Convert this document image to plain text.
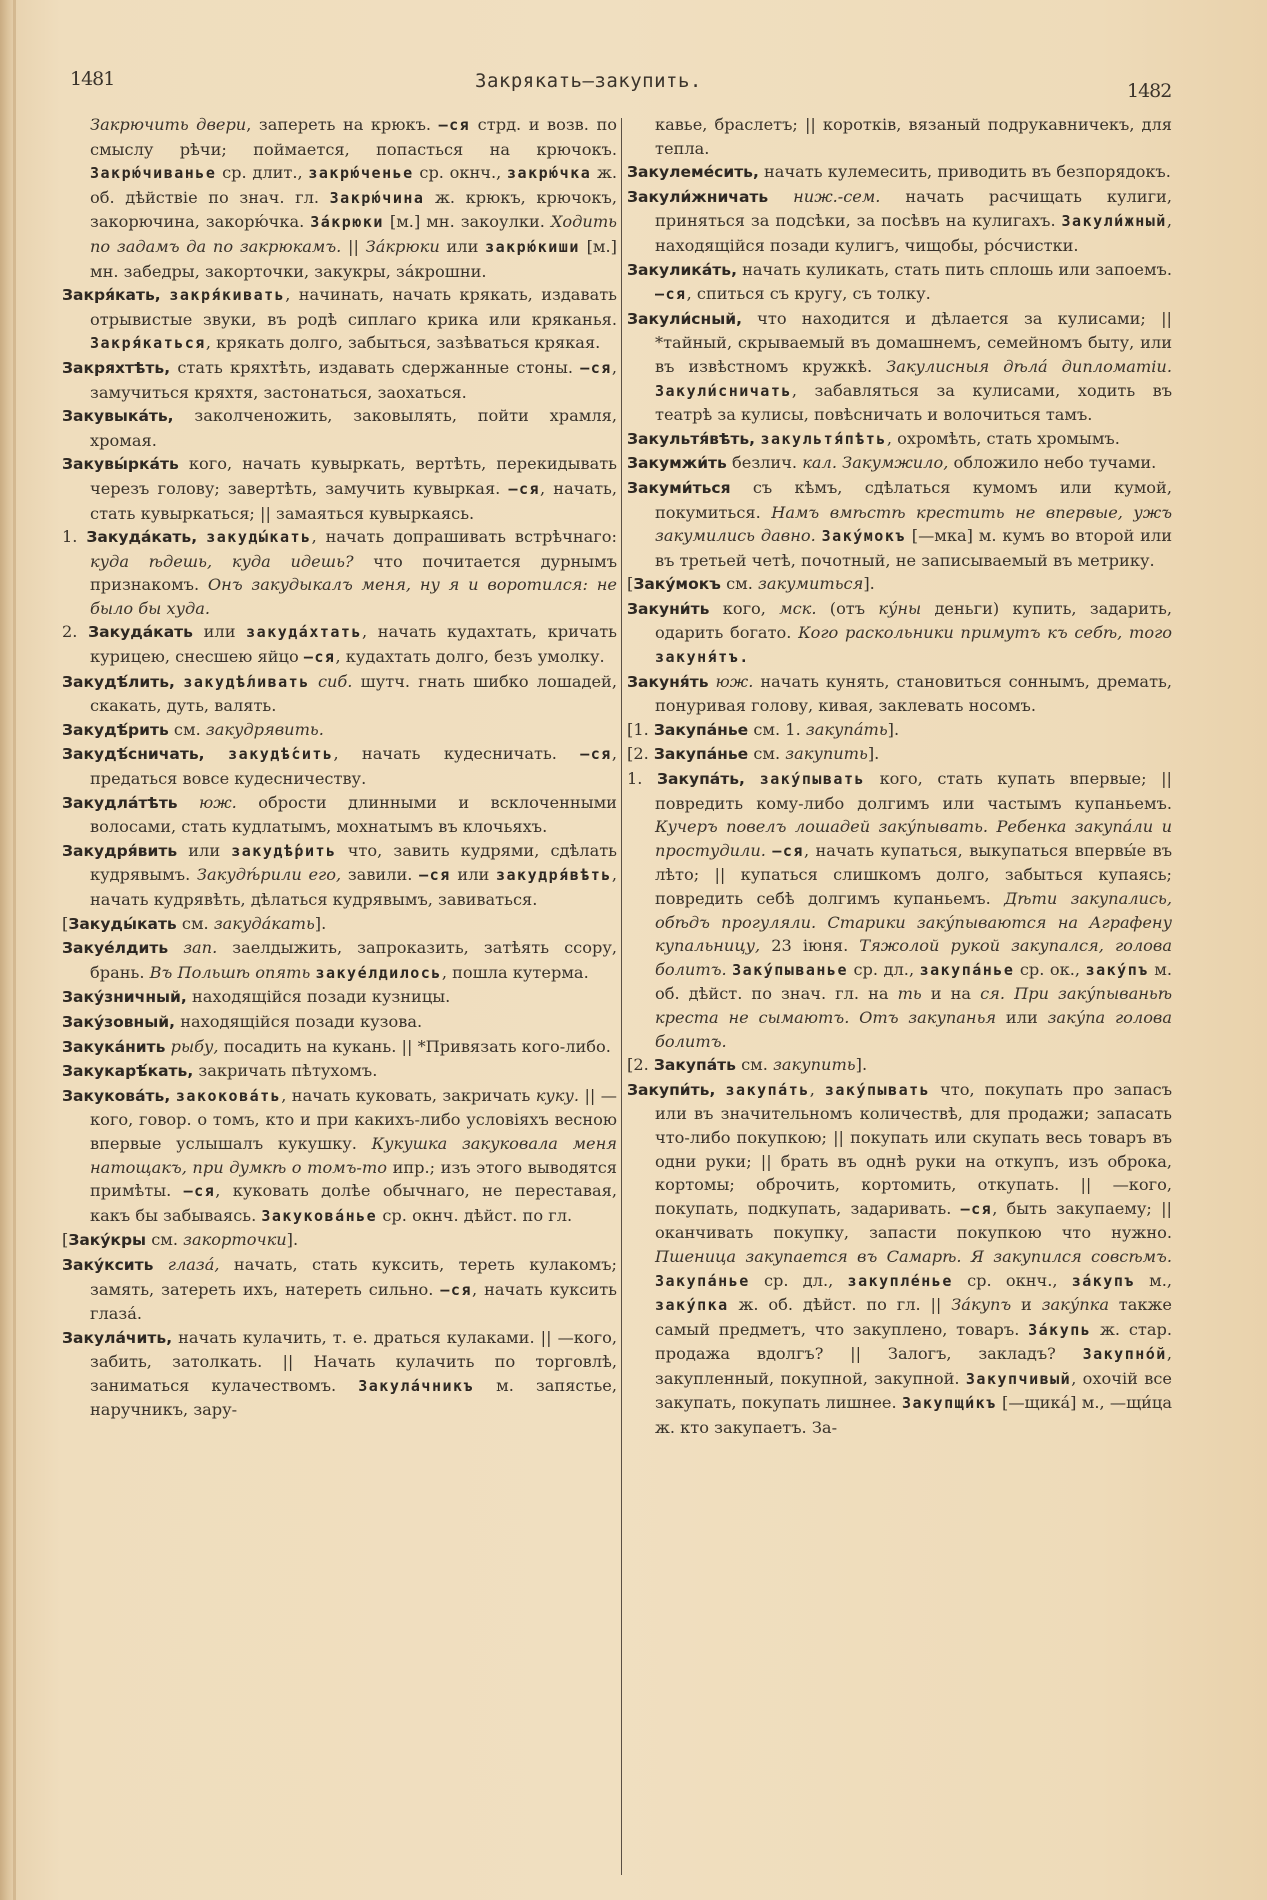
1481	Закрякать—закупить.	1482

Закрючить двери, запереть на крюкъ. —ся стрд. и возв. по смыслу рѣчи; поймается, попасться на крючокъ. Закрю́чиванье ср. длит., закрю́ченье ср. окнч., закрю́чка ж. об. дѣйствіе по знач. гл. Закрю́чина ж. крюкъ, крючокъ, закорючина, закорю́чка. За́крюки [м.] мн. закоулки. Ходить по задамъ да по закрюкамъ. || За́крюки или закрю́киши [м.] мн. забедры, закорточки, закукры, за́крошни.

Закря́кать, закря́кивать, начинать, начать крякать, издавать отрывистые звуки, въ родѣ сиплаго крика или кряканья. Закря́каться, крякать долго, забыться, зазѣваться крякая.

Закряхтѣть, стать кряхтѣть, издавать сдержанные стоны. —ся, замучиться кряхтя, застонаться, заохаться.

Закувыка́ть, заколченожить, заковылять, пойти храмля, хромая.

Закувы́рка́ть кого, начать кувыркать, вертѣть, перекидывать черезъ голову; завертѣть, замучить кувыркая. —ся, начать, стать кувыркаться; || замаяться кувыркаясь.

1. Закуда́кать, закуды́кать, начать допрашивать встрѣчнаго: куда ѣдешь, куда идешь? что почитается дурнымъ признакомъ. Онъ закудыкалъ меня, ну я и воротился: не было бы худа.

2. Закуда́кать или закуда́хтать, начать кудахтать, кричать курицею, снесшею яйцо —ся, кудахтать долго, безъ умолку.

Закудѣ́лить, закудѣ́ливать сиб. шутч. гнать шибко лошадей, скакать, дуть, валять.

Закудѣ́рить см. закудрявить.

Закудѣ́сничать, закудѣ́сить, начать кудесничать. —ся, предаться вовсе кудесничеству.

Закудла́тѣть юж. обрости длинными и всклоченными волосами, стать кудлатымъ, мохнатымъ въ клочьяхъ.

Закудря́вить или закудѣ́рить что, завить кудрями, сдѣлать кудрявымъ. Закудѣ́рили его, завили. —ся или закудря́вѣть, начать кудрявѣть, дѣлаться кудрявымъ, завиваться.

[Закуды́кать см. закуда́кать].

Закуе́лдить зап. заелдыжить, запроказить, затѣять ссору, брань. Въ Польшѣ опять закуе́лдилось, пошла кутерма.

Заку́зничный, находящійся позади кузницы.

Заку́зовный, находящійся позади кузова.

Закука́нить рыбу, посадить на кукань. || *Привязать кого-либо.

Закукарѣ́кать, закричать пѣтухомъ.

Закукова́ть, закокова́ть, начать куковать, закричать куку. || —кого, говор. о томъ, кто и при какихъ-либо условіяхъ весною впервые услышалъ кукушку. Кукушка закуковала меня натощакъ, при думкѣ о томъ-то ипр.; изъ этого выводятся примѣты. —ся, куковать долѣе обычнаго, не переставая, какъ бы забываясь. Закукова́нье ср. окнч. дѣйст. по гл.

[Заку́кры см. закорточки].

Заку́ксить глаза́, начать, стать куксить, тереть кулакомъ; замять, затереть ихъ, натереть сильно. —ся, начать куксить глаза́.

Закула́чить, начать кулачить, т. е. драться кулаками. || —кого, забить, затолкать. || Начать кулачить по торговлѣ, заниматься кулачествомъ. Закула́чникъ м. запястье, наручникъ, зару-

кавье, браслетъ; || коротків, вязаный подрукавничекъ, для тепла.

Закулеме́сить, начать кулемесить, приводить въ безпорядокъ.

Закули́жничать ниж.-сем. начать расчищать кулиги, приняться за подсѣки, за посѣвъ на кулигахъ. Закули́жный, находящійся позади кулигъ, чищобы, ро́счистки.

Закулика́ть, начать куликать, стать пить сплошь или запоемъ. —ся, спиться съ кругу, съ толку.

Закули́сный, что находится и дѣлается за кулисами; || *тайный, скрываемый въ домашнемъ, семейномъ быту, или въ извѣстномъ кружкѣ. Закулисныя дѣла́ дипломатіи. Закули́сничать, забавляться за кулисами, ходить въ театрѣ за кулисы, повѣсничать и волочиться тамъ.

Закультя́вѣть, закультя́пѣть, охромѣть, стать хромымъ.

Закумжи́ть безлич. кал. Закумжило, обложило небо тучами.

Закуми́ться съ кѣмъ, сдѣлаться кумомъ или кумой, покумиться. Намъ вмѣстѣ крестить не впервые, ужъ закумились давно. Заку́мокъ [—мка] м. кумъ во второй или въ третьей четѣ, почотный, не записываемый въ метрику.

[Заку́мокъ см. закумиться].

Закуни́ть кого, мск. (отъ ку́ны деньги) купить, задарить, одарить богато. Кого раскольники примутъ къ себѣ, того закуня́тъ.

Закуня́ть юж. начать кунять, становиться соннымъ, дремать, понуривая голову, кивая, заклевать носомъ.

[1. Закупа́нье см. 1. закупа́ть].

[2. Закупа́нье см. закупить].

1. Закупа́ть, заку́пывать кого, стать купать впервые; || повредить кому-либо долгимъ или частымъ купаньемъ. Кучеръ повелъ лошадей заку́пывать. Ребенка закупа́ли и простудили. —ся, начать купаться, выкупаться впервы́е въ лѣто; || купаться слишкомъ долго, забыться купаясь; повредить себѣ долгимъ купаньемъ. Дѣти закупались, обѣдъ прогуляли. Старики заку́пываются на Аграфену купальницу, 23 іюня. Тяжолой рукой закупался, голова болитъ. Заку́пыванье ср. дл., закупа́нье ср. ок., заку́пъ м. об. дѣйст. по знач. гл. на ть и на ся. При заку́пываньѣ креста не сымаютъ. Отъ закупанья или заку́па голова болитъ.

[2. Закупа́ть см. закупить].

Закупи́ть, закупа́ть, заку́пывать что, покупать про запасъ или въ значительномъ количествѣ, для продажи; запасать что-либо покупкою; || покупать или скупать весь товаръ въ одни руки; || брать въ однѣ руки на откупъ, изъ оброка, кортомы; оброчить, кортомить, откупать. || —кого, покупать, подкупать, задаривать. —ся, быть закупаему; || оканчивать покупку, запасти покупкою что нужно. Пшеница закупается въ Самарѣ. Я закупился совсѣмъ. Закупа́нье ср. дл., закупле́нье ср. окнч., за́купъ м., заку́пка ж. об. дѣйст. по гл. || За́купъ и заку́пка также самый предметъ, что закуплено, товаръ. За́купь ж. стар. продажа вдолгъ? || Залогъ, закладъ? Закупно́й, закупленный, покупной, закупной. Закупчивый, охочій все закупать, покупать лишнее. Закупщи́къ [—щика́] м., —щи́ца ж. кто закупаетъ. За-
